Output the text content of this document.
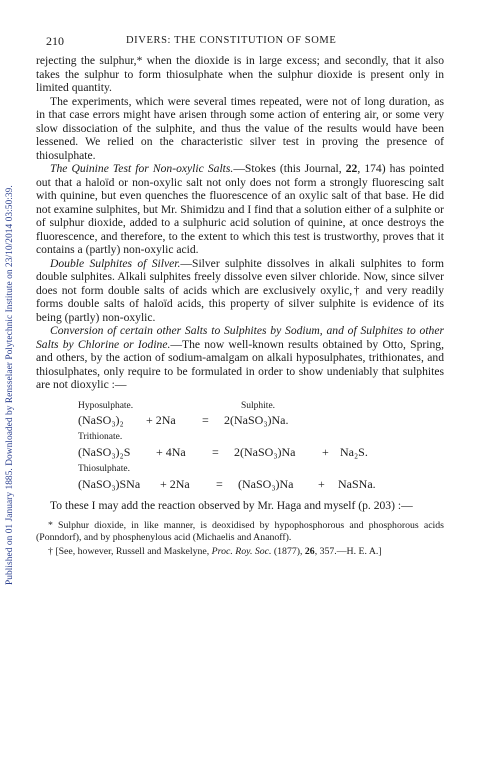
Published on 01 January 1885. Downloaded by Rensselaer Polytechnic Institute on 23/10/2014 03:50:39.
210	DIVERS: THE CONSTITUTION OF SOME

rejecting the sulphur,* when the dioxide is in large excess; and secondly, that it also takes the sulphur to form thiosulphate when the sulphur dioxide is present only in limited quantity.

The experiments, which were several times repeated, were not of long duration, as in that case errors might have arisen through some action of entering air, or some very slow dissociation of the sulphite, and thus the value of the results would have been lessened. We relied on the characteristic silver test in proving the presence of thiosulphate.

The Quinine Test for Non-oxylic Salts.—Stokes (this Journal, 22, 174) has pointed out that a haloïd or non-oxylic salt not only does not form a strongly fluorescing salt with quinine, but even quenches the fluorescence of an oxylic salt of that base. He did not examine sulphites, but Mr. Shimidzu and I find that a solution either of a sulphite or of sulphur dioxide, added to a sulphuric acid solution of quinine, at once destroys the fluorescence, and therefore, to the extent to which this test is trustworthy, proves that it contains a (partly) non-oxylic acid.

Double Sulphites of Silver.—Silver sulphite dissolves in alkali sulphites to form double sulphites. Alkali sulphites freely dissolve even silver chloride. Now, since silver does not form double salts of acids which are exclusively oxylic,† and very readily forms double salts of haloïd acids, this property of silver sulphite is evidence of its being (partly) non-oxylic.

Conversion of certain other Salts to Sulphites by Sodium, and of Sulphites to other Salts by Chlorine or Iodine.—The now well-known results obtained by Otto, Spring, and others, by the action of sodium-amalgam on alkali hyposulphates, trithionates, and thiosulphates, only require to be formulated in order to show undeniably that sulphites are not dioxylic :—

Hyposulphate.	Sulphite.
(NaSO₃)₂ + 2Na = 2(NaSO₃)Na.
Trithionate.
(NaSO₃)₂S + 4Na = 2(NaSO₃)Na + Na₂S.
Thiosulphate.
(NaSO₃)SNa + 2Na = (NaSO₃)Na + NaSNa.

To these I may add the reaction observed by Mr. Haga and myself (p. 203) :—

* Sulphur dioxide, in like manner, is deoxidised by hypophosphorous and phosphorous acids (Ponndorf), and by phosphenylous acid (Michaelis and Ananoff).

† [See, however, Russell and Maskelyne, Proc. Roy. Soc. (1877), 26, 357.—H. E. A.]
